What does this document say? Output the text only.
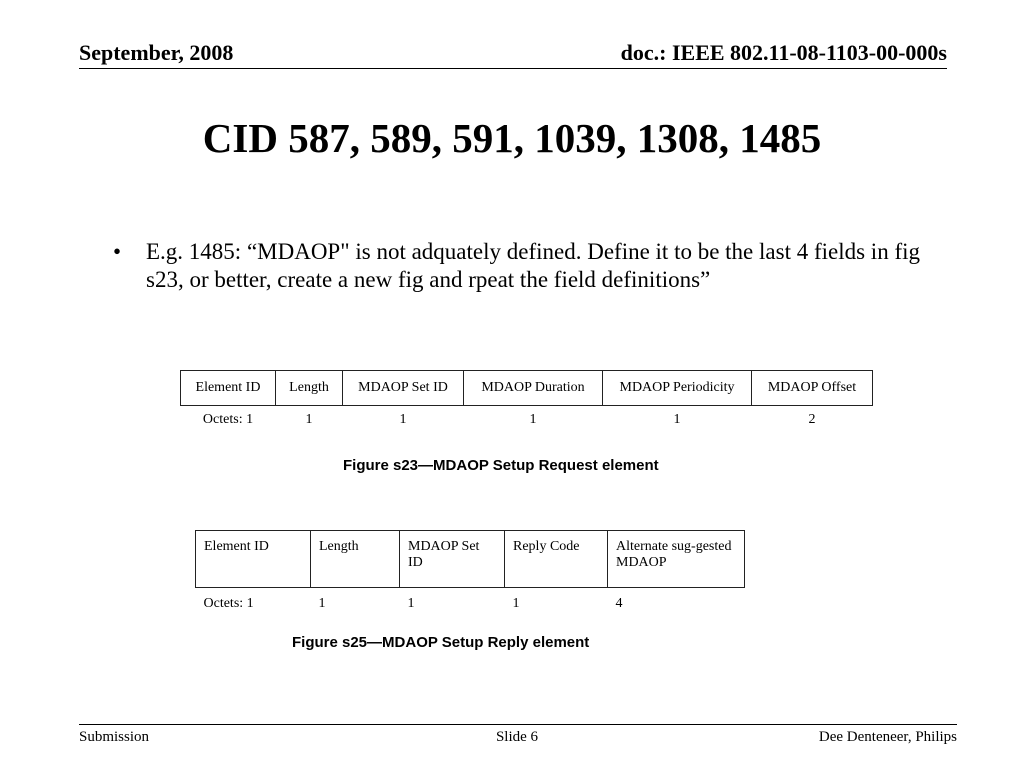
September, 2008	doc.: IEEE 802.11-08-1103-00-000s
CID 587, 589, 591, 1039, 1308, 1485
• E.g. 1485: “MDAOP" is not adquately defined. Define it to be the last 4 fields in fig s23, or better, create a new fig and rpeat the field definitions”
Element ID	Length	MDAOP Set ID	MDAOP Duration	MDAOP Periodicity	MDAOP Offset
Octets: 1	1	1	1	1	2
Figure s23—MDAOP Setup Request element
Element ID	Length	MDAOP Set ID	Reply Code	Alternate sug-gested MDAOP
Octets: 1	1	1	1	4
Figure s25—MDAOP Setup Reply element
Submission	Slide 6	Dee Denteneer, Philips
